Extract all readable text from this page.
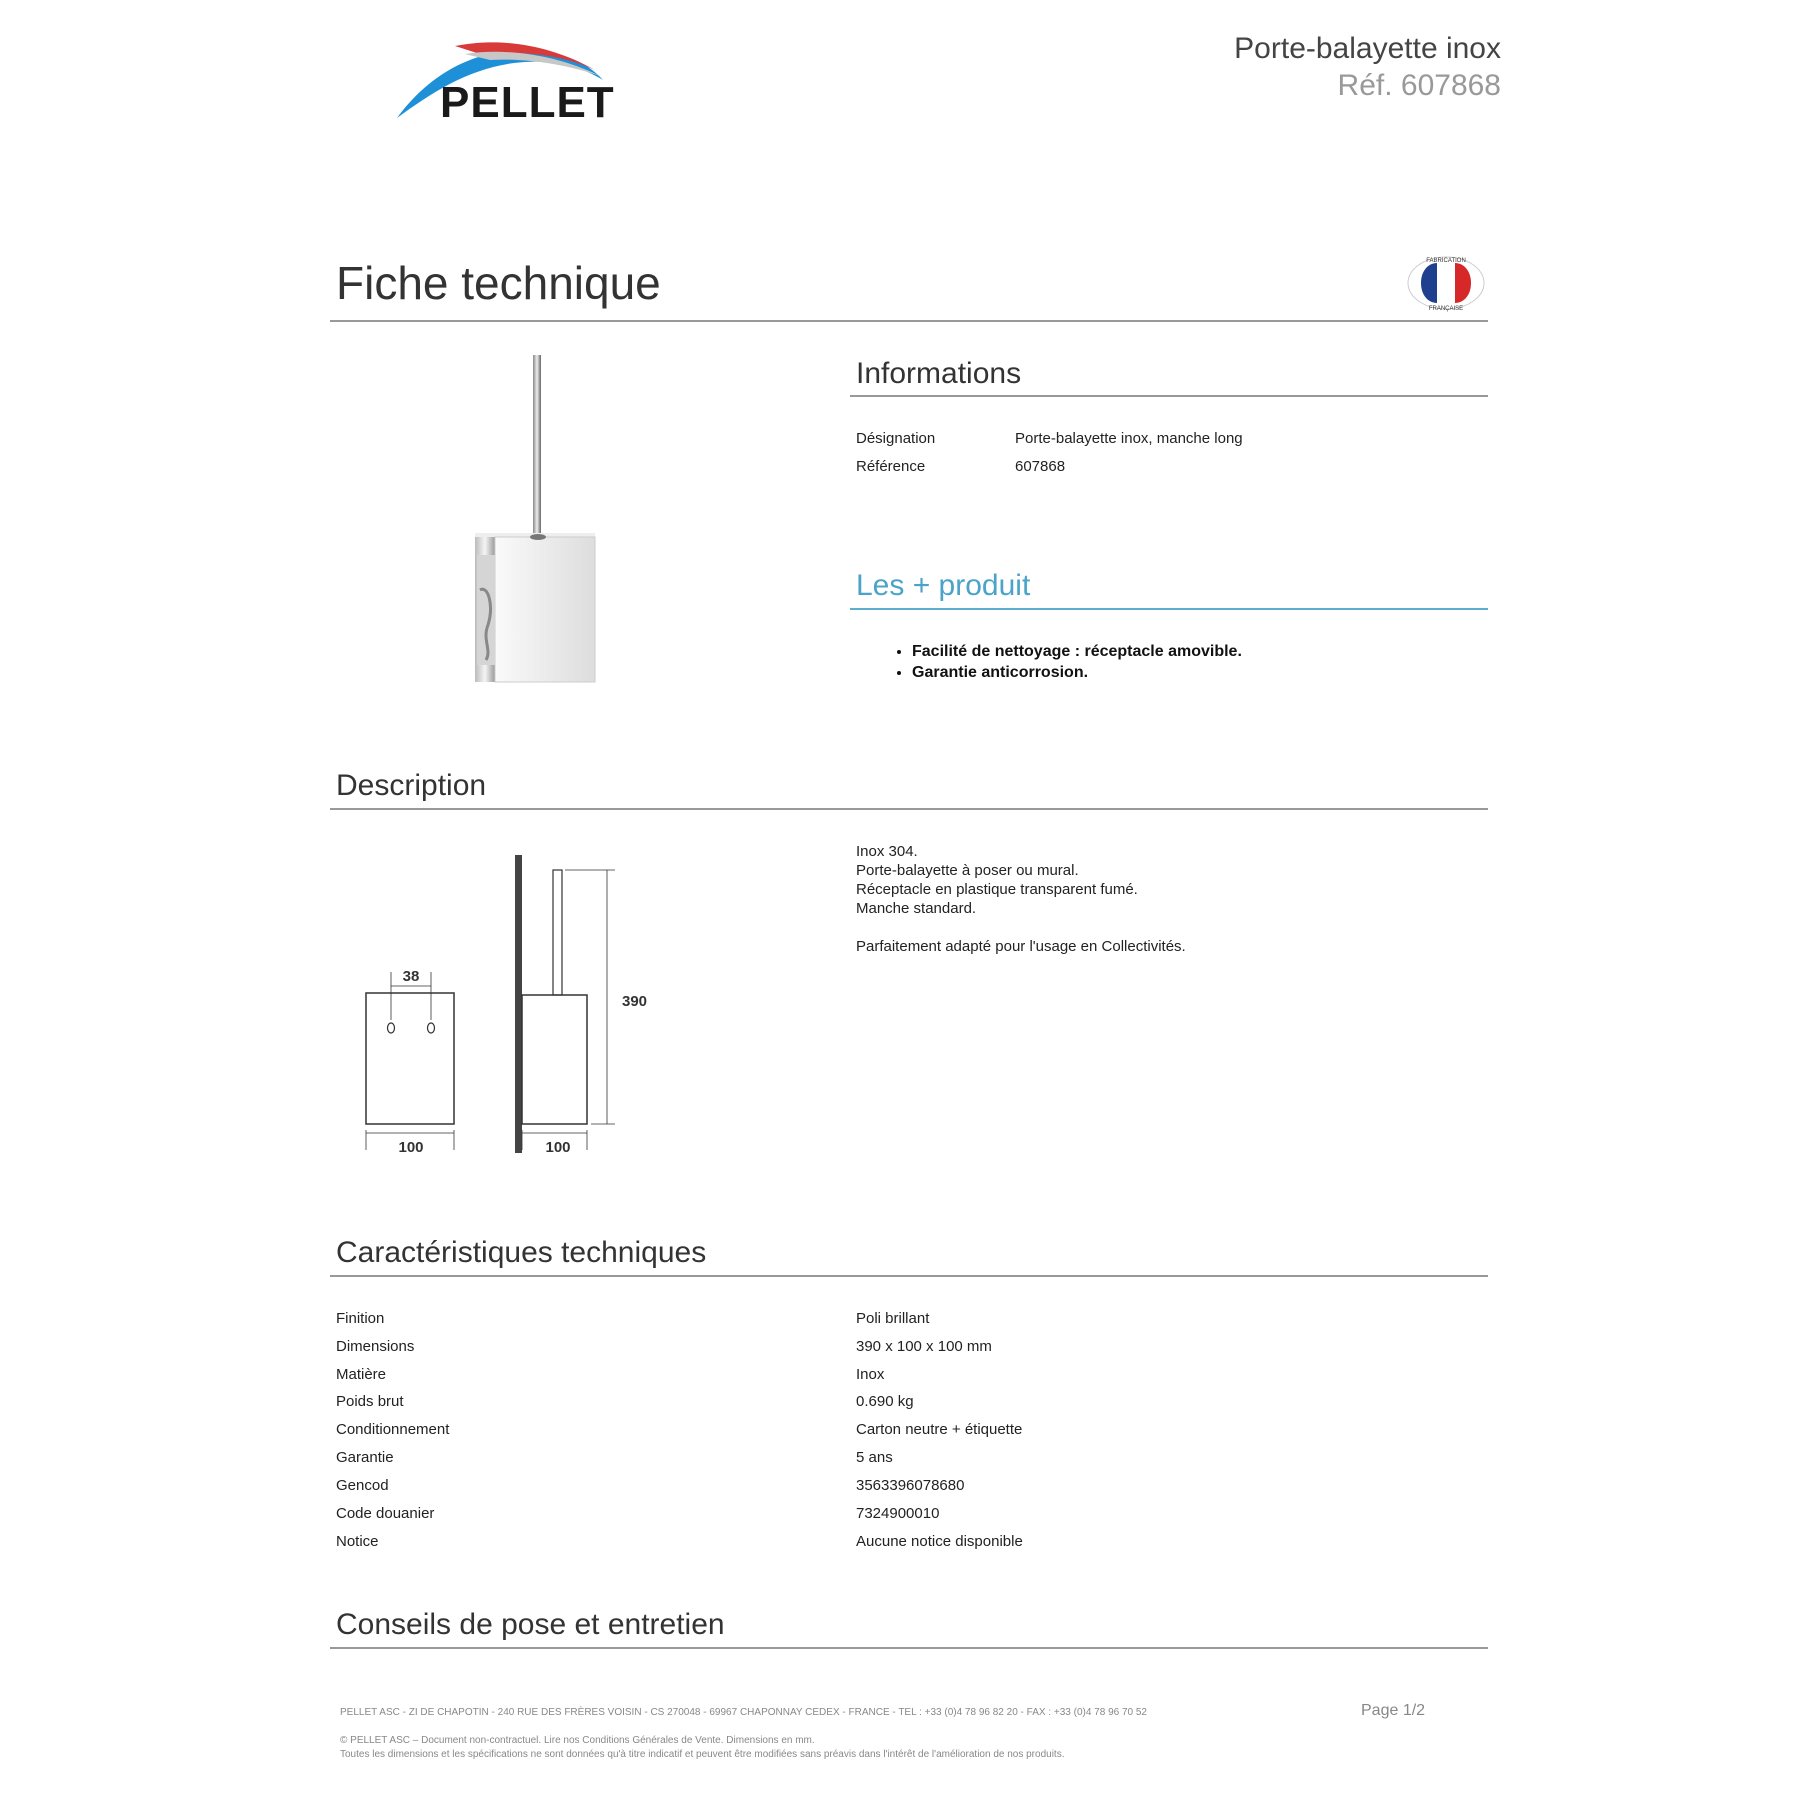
PELLET
Porte-balayette inox
Réf. 607868
Fiche technique	FABRICATION
FRANÇAISE
Informations
Désignation	Porte-balayette inox, manche long
Référence	607868
Les + produit
• Facilité de nettoyage : réceptacle amovible.
• Garantie anticorrosion.
Description
38
100
390
100
Inox 304.
Porte-balayette à poser ou mural.
Réceptacle en plastique transparent fumé.
Manche standard.
Parfaitement adapté pour l'usage en Collectivités.
Caractéristiques techniques
Finition	Poli brillant
Dimensions	390 x 100 x 100 mm
Matière	Inox
Poids brut	0.690 kg
Conditionnement	Carton neutre + étiquette
Garantie	5 ans
Gencod	3563396078680
Code douanier	7324900010
Notice	Aucune notice disponible
Conseils de pose et entretien
PELLET ASC - ZI DE CHAPOTIN - 240 RUE DES FRÈRES VOISIN - CS 270048 - 69967 CHAPONNAY CEDEX - FRANCE - TEL : +33 (0)4 78 96 82 20 - FAX : +33 (0)4 78 96 70 52	Page 1/2
© PELLET ASC – Document non-contractuel. Lire nos Conditions Générales de Vente. Dimensions en mm.
Toutes les dimensions et les spécifications ne sont données qu'à titre indicatif et peuvent être modifiées sans préavis dans l'intérêt de l'amélioration de nos produits.
